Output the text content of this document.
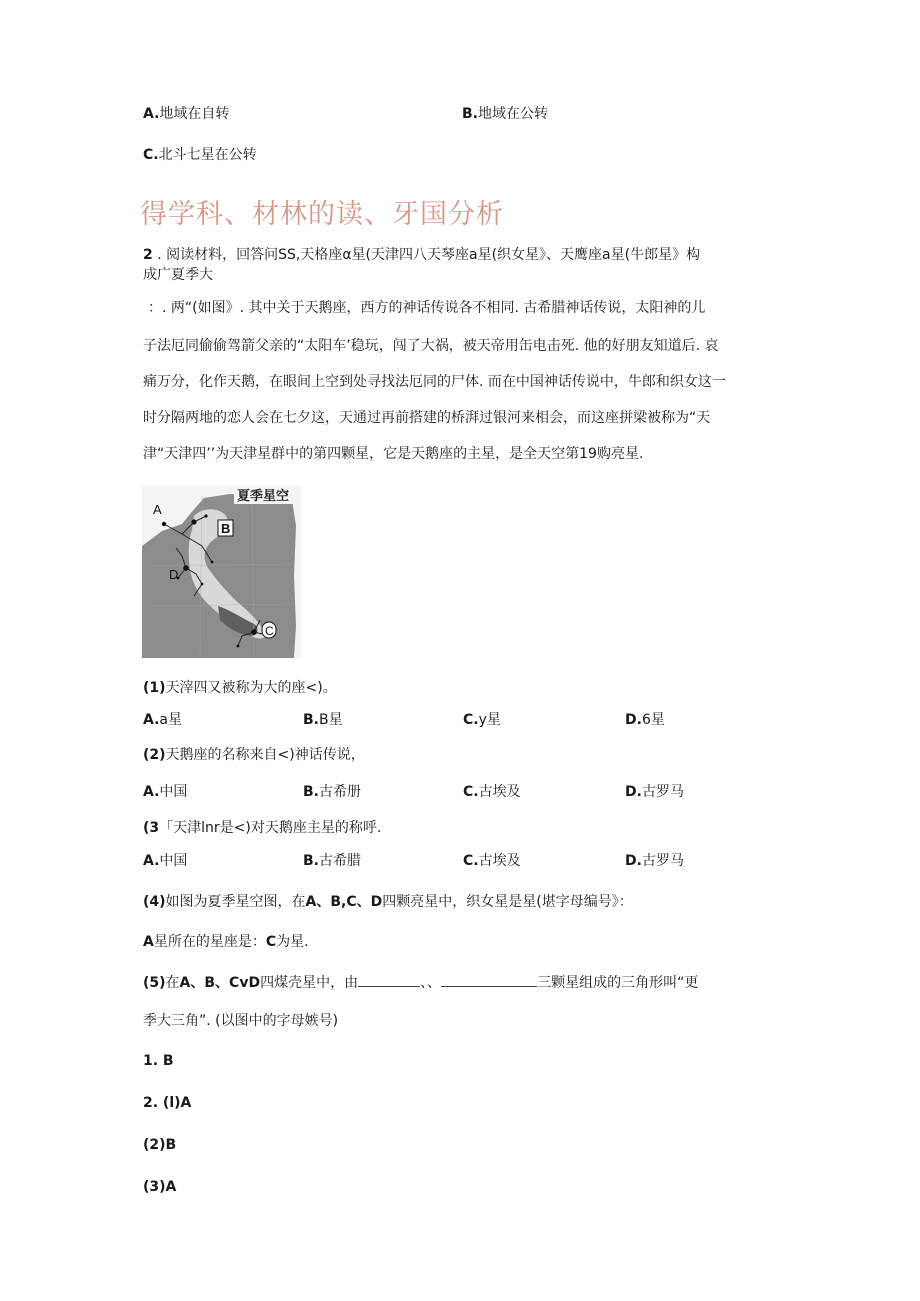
A.地域在自转	B.地域在公转
C.北斗七星在公转
得学科、材林的读、牙国分析
2 . 阅读材料，回答问SS,天格座α星(天津四八天琴座a星(织女星》、天鹰座a星(牛郎星》构
成广夏季大
：. 两“(如图》. 其中关于天鹅座，西方的神话传说各不相同. 古希腊神话传说，太阳神的儿
子法厄同偷偷驾箭父亲的“太阳车’稳玩，闯了大祸，被天帝用缶电击死. 他的好朋友知道后. 哀
痛万分，化作天鹅，在眼间上空到处寻找法厄同的尸体. 而在中国神话传说中，牛郎和织女这一
时分隔两地的恋人会在七夕这，天通过再前搭建的桥湃过银河来相会，而这座拼梁被称为“天
津“天津四’’为天津星群中的第四颗星，它是天鹅座的主星，是全天空第19购亮星.
A
B
D
C
夏季星空
(1)天滓四又被称为大的座<)。
A.a星	B.B星	C.y星	D.6星
(2)天鹅座的名称来自<)神话传说，
A.中国	B.古希册	C.古埃及	D.古罗马
(3「天津lnr是<)对天鹅座主星的称呼.
A.中国	B.古希腊	C.古埃及	D.古罗马
(4)如图为夏季星空图，在A、B,C、D四颗亮星中，织女星是星(堪字母编号》：
A星所在的星座是：C为星.
(5)在A、B、CvD四煤壳星中，由	、、	三颗星组成的三角形叫“更
季大三角”. (以图中的字母嫉号)
1. B
2. (l)A
(2)B
(3)A
